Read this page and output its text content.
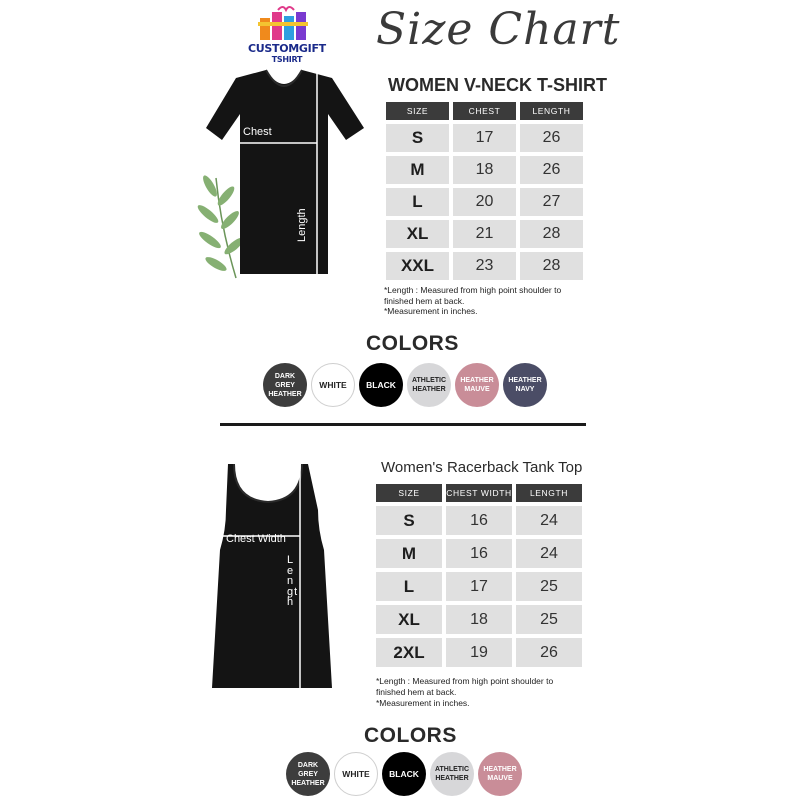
CUSTOMGIFT
TSHIRT
Size Chart
Chest
Length
WOMEN V-NECK T-SHIRT
SIZE	CHEST	LENGTH
S	17	26
M	18	26
L	20	27
XL	21	28
XXL	23	28
*Length : Measured from high point shoulder to finished hem at back.
*Measurement in inches.
COLORS
DARK GREY HEATHER
WHITE	BLACK	ATHLETIC HEATHER
HEATHER MAUVE
HEATHER NAVY
Chest Width
Length
Women's Racerback Tank Top
SIZE	CHEST WIDTH	LENGTH
S	16	24
M	16	24
L	17	25
XL	18	25
2XL	19	26
*Length : Measured from high point shoulder to finished hem at back.
*Measurement in inches.
COLORS
DARK GREY HEATHER
WHITE	BLACK	ATHLETIC HEATHER
HEATHER MAUVE
